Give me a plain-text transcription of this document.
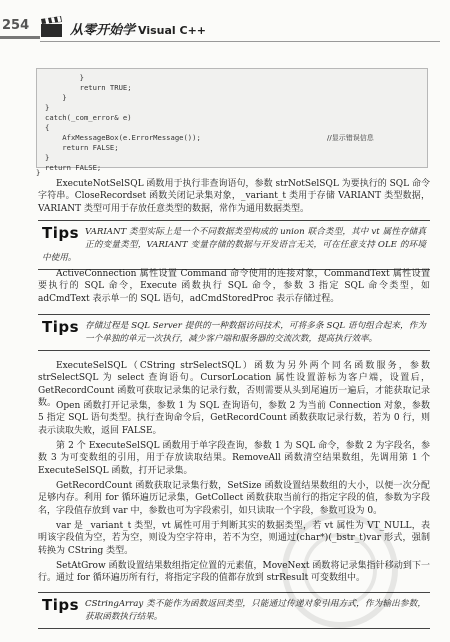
254	从零开始学 Visual C++
}
return TRUE;
}
}
catch(_com_error& e)
{
AfxMessageBox(e.ErrorMessage());	//显示错误信息
return FALSE;
}
return FALSE;
}

ExecuteNotSelSQL 函数用于执行非查询语句，参数 strNotSelSQL 为要执行的 SQL 命令字符串。CloseRecordset 函数关闭记录集对象，_variant_t 类用于存储 VARIANT 类型数据，VARIANT 类型可用于存放任意类型的数据，常作为通用数据类型。

Tips VARIANT 类型实际上是一个不同数据类型构成的 union 联合类型，其中 vt 属性存储真正的变量类型，VARIANT 变量存储的数据与开发语言无关，可在任意支持 OLE 的环境中使用。

ActiveConnection 属性设置 Command 命令使用的连接对象，CommandText 属性设置要执行的 SQL 命令，Execute 函数执行 SQL 命令，参数 3 指定 SQL 命令类型，如 adCmdText 表示单一的 SQL 语句，adCmdStoredProc 表示存储过程。

Tips 存储过程是 SQL Server 提供的一种数据访问技术，可将多条 SQL 语句组合起来，作为一个单独的单元一次执行，减少客户端和服务器的交流次数，提高执行效率。

ExecuteSelSQL（CString strSelectSQL）函数为另外两个同名函数服务，参数 strSelectSQL 为 select 查询语句。CursorLocation 属性设置游标为客户端，设置后，GetRecordCount 函数可获取记录集的记录行数，否则需要从头到尾遍历一遍后，才能获取记录数。 Open 函数打开记录集，参数 1 为 SQL 查询语句，参数 2 为当前 Connection 对象，参数 5 指定 SQL 语句类型。执行查询命令后，GetRecordCount 函数获取记录行数，若为 0 行，则表示读取失败，返回 FALSE。

第 2 个 ExecuteSelSQL 函数用于单字段查询，参数 1 为 SQL 命令，参数 2 为字段名，参数 3 为可变数组的引用，用于存放读取结果。RemoveAll 函数清空结果数组，先调用第 1 个 ExecuteSelSQL 函数，打开记录集。

GetRecordCount 函数获取记录集行数，SetSize 函数设置结果数组的大小，以便一次分配足够内存。利用 for 循环遍历记录集，GetCollect 函数获取当前行的指定字段的值，参数为字段名，字段值存放到 var 中，参数也可为字段索引，如只读取一个字段，参数可设为 0。

var 是 _variant_t 类型，vt 属性可用于判断其实的数据类型，若 vt 属性为 VT_NULL，表明该字段值为空，若为空，则设为空字符串，若不为空，则通过(char*)(_bstr_t)var 形式，强制转换为 CString 类型。

SetAtGrow 函数设置结果数组指定位置的元素值，MoveNext 函数将记录集指针移动到下一行。通过 for 循环遍历所有行，将指定字段的值都存放到 strResult 可变数组中。

Tips CStringArray 类不能作为函数返回类型，只能通过传递对象引用方式，作为输出参数，获取函数执行结果。
